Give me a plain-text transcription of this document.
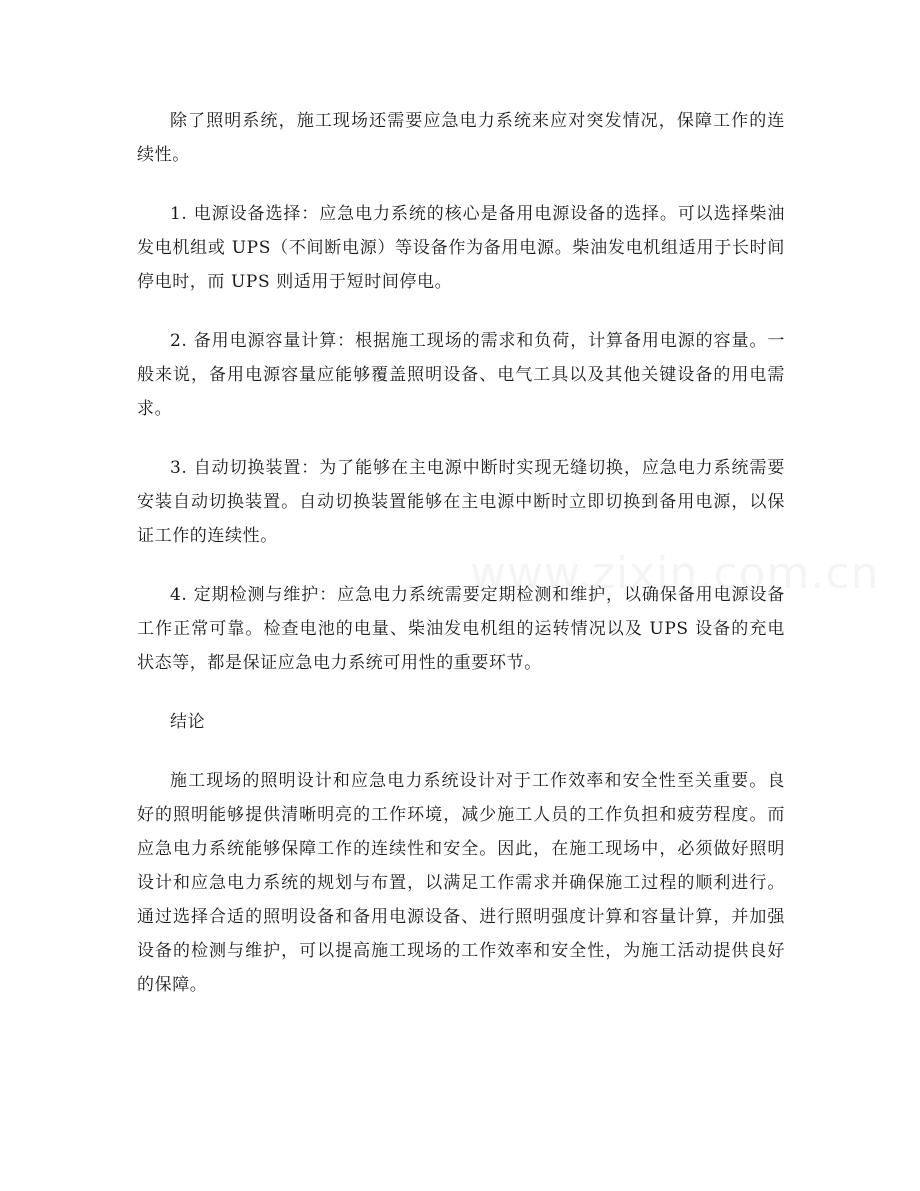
除了照明系统，施工现场还需要应急电力系统来应对突发情况，保障工作的连续性。

1. 电源设备选择：应急电力系统的核心是备用电源设备的选择。可以选择柴油发电机组或 UPS（不间断电源）等设备作为备用电源。柴油发电机组适用于长时间停电时，而 UPS 则适用于短时间停电。

2. 备用电源容量计算：根据施工现场的需求和负荷，计算备用电源的容量。一般来说，备用电源容量应能够覆盖照明设备、电气工具以及其他关键设备的用电需求。

3. 自动切换装置：为了能够在主电源中断时实现无缝切换，应急电力系统需要安装自动切换装置。自动切换装置能够在主电源中断时立即切换到备用电源，以保证工作的连续性。

4. 定期检测与维护：应急电力系统需要定期检测和维护，以确保备用电源设备工作正常可靠。检查电池的电量、柴油发电机组的运转情况以及 UPS 设备的充电状态等，都是保证应急电力系统可用性的重要环节。

结论

施工现场的照明设计和应急电力系统设计对于工作效率和安全性至关重要。良好的照明能够提供清晰明亮的工作环境，减少施工人员的工作负担和疲劳程度。而应急电力系统能够保障工作的连续性和安全。因此，在施工现场中，必须做好照明设计和应急电力系统的规划与布置，以满足工作需求并确保施工过程的顺利进行。通过选择合适的照明设备和备用电源设备、进行照明强度计算和容量计算，并加强设备的检测与维护，可以提高施工现场的工作效率和安全性，为施工活动提供良好的保障。
